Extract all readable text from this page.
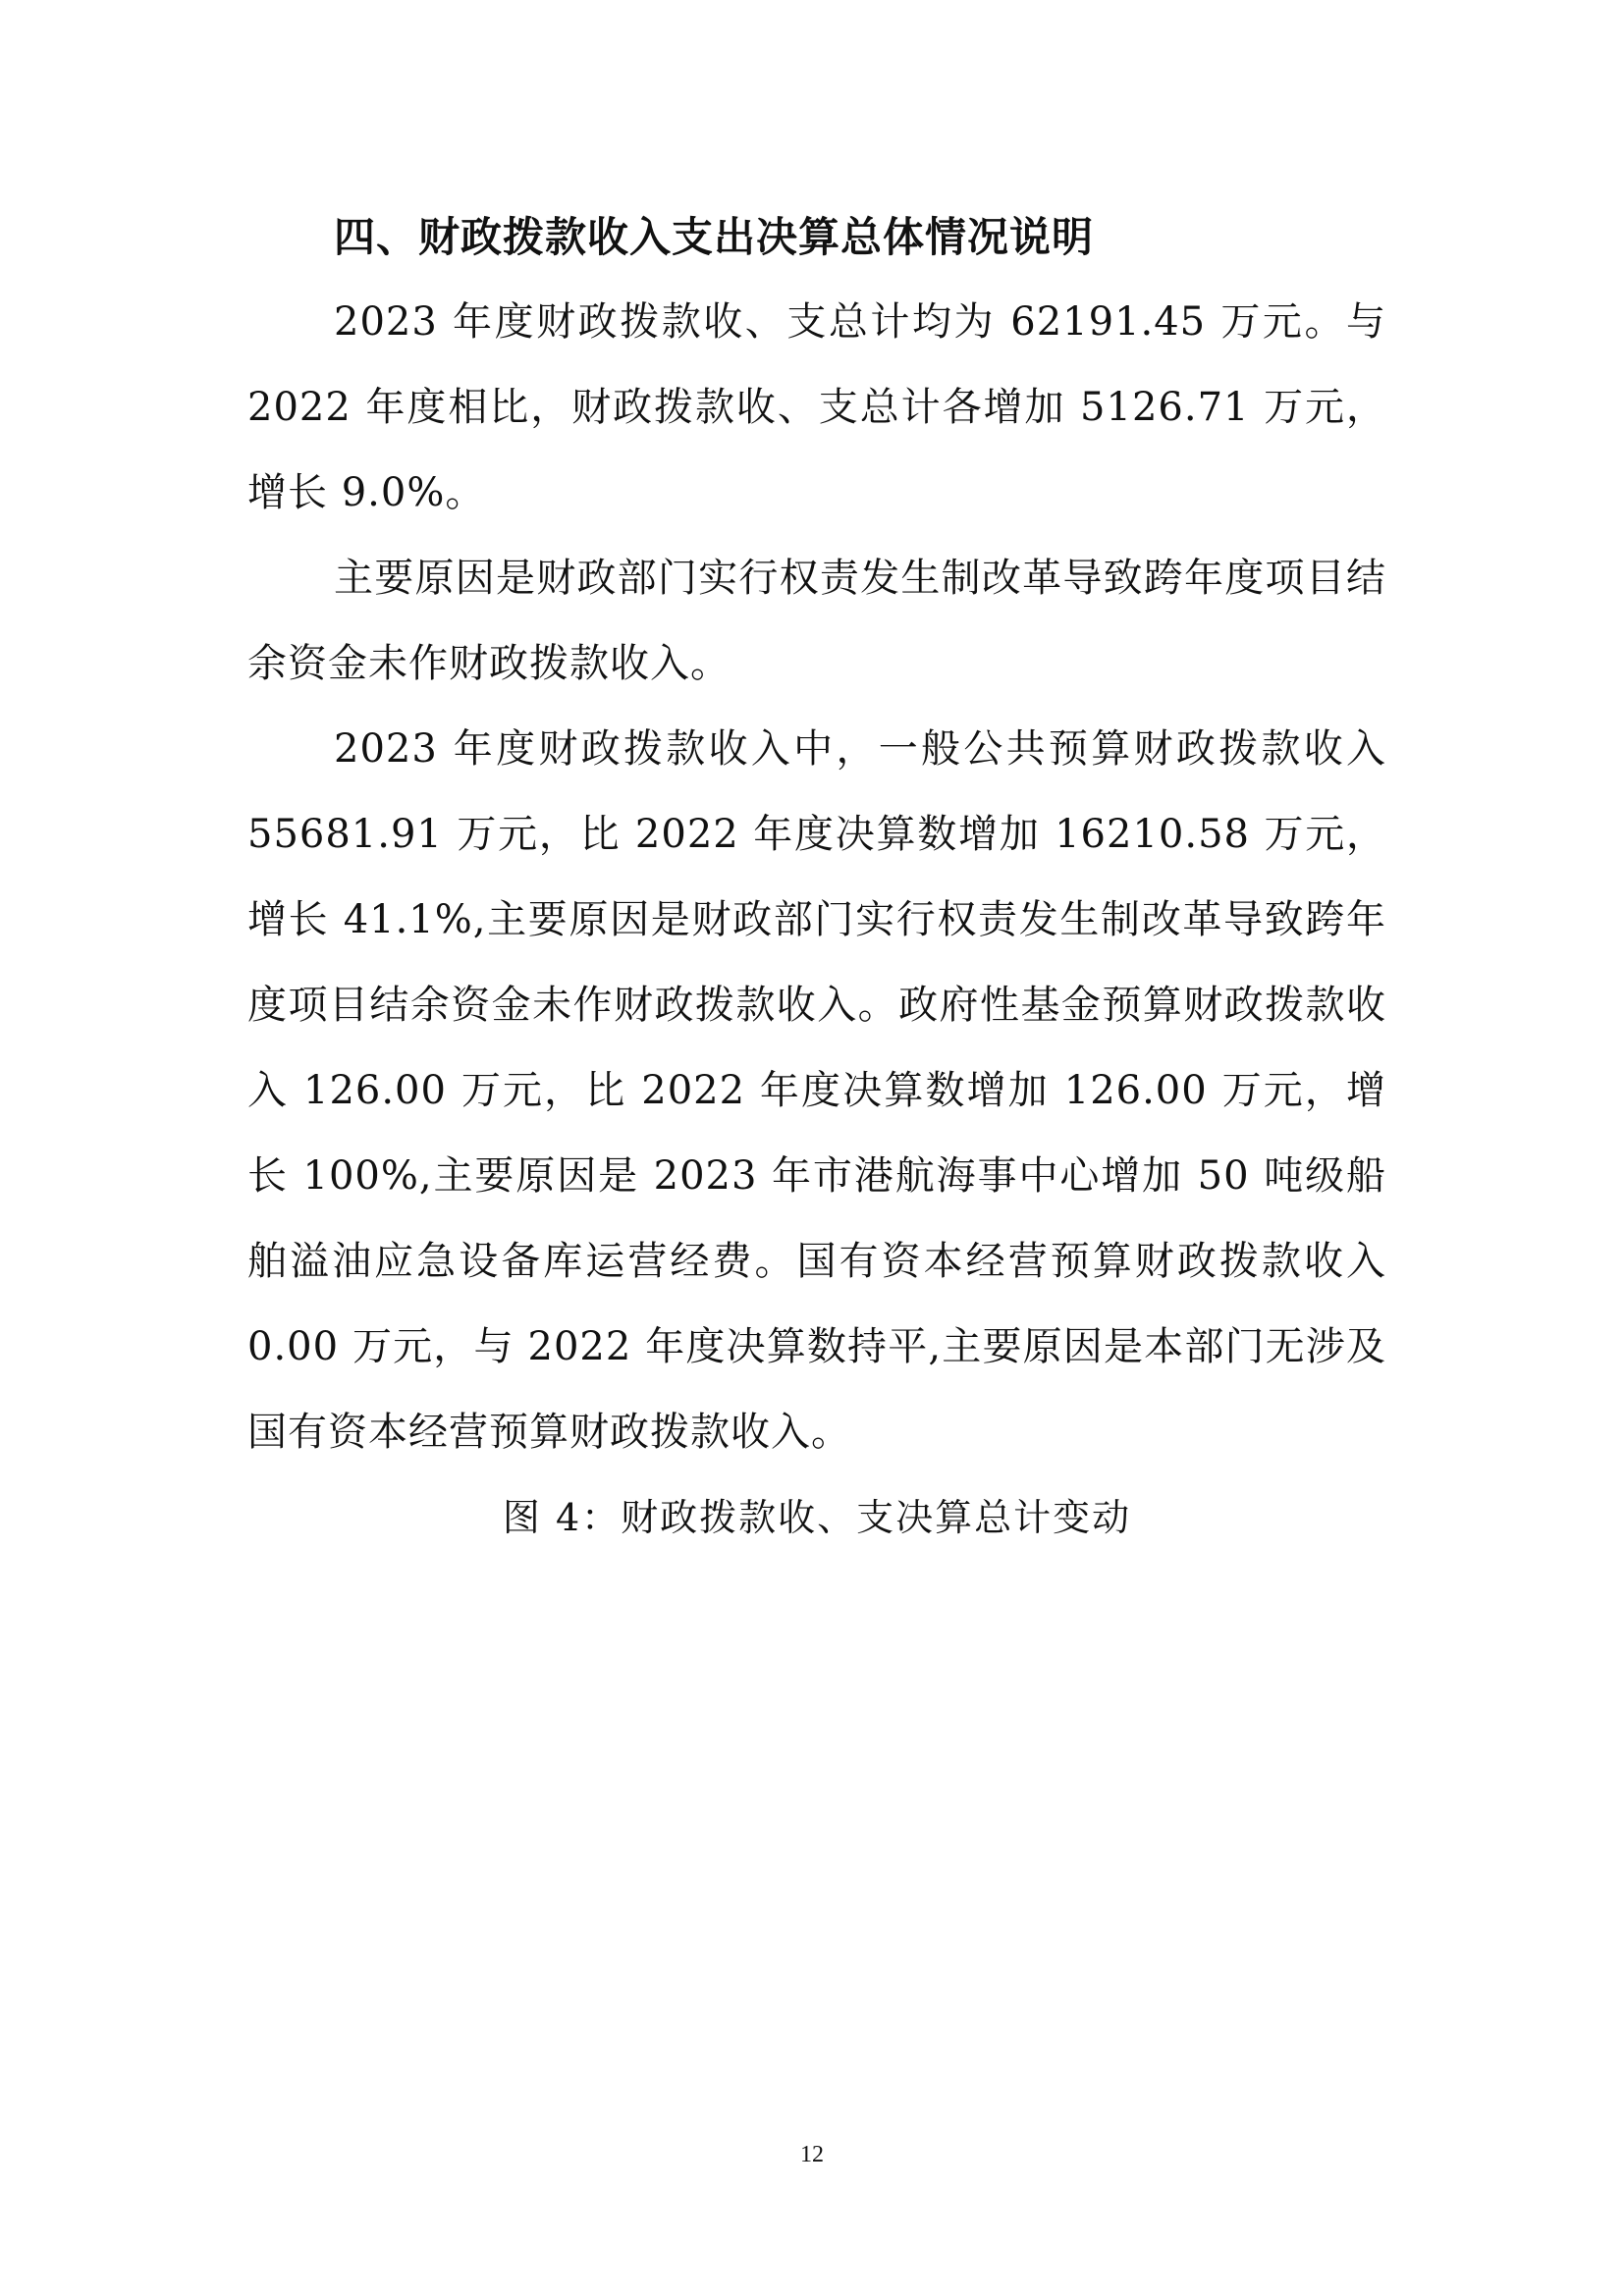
四、财政拨款收入支出决算总体情况说明

2023 年度财政拨款收、支总计均为 62191.45 万元。与 2022 年度相比，财政拨款收、支总计各增加 5126.71 万元，增长 9.0%。

主要原因是财政部门实行权责发生制改革导致跨年度项目结余资金未作财政拨款收入。

2023 年度财政拨款收入中，一般公共预算财政拨款收入 55681.91 万元，比 2022 年度决算数增加 16210.58 万元，增长 41.1%,主要原因是财政部门实行权责发生制改革导致跨年度项目结余资金未作财政拨款收入。政府性基金预算财政拨款收入 126.00 万元，比 2022 年度决算数增加 126.00 万元，增长 100%,主要原因是 2023 年市港航海事中心增加 50 吨级船舶溢油应急设备库运营经费。国有资本经营预算财政拨款收入 0.00 万元，与 2022 年度决算数持平,主要原因是本部门无涉及国有资本经营预算财政拨款收入。

图 4：财政拨款收、支决算总计变动

12
